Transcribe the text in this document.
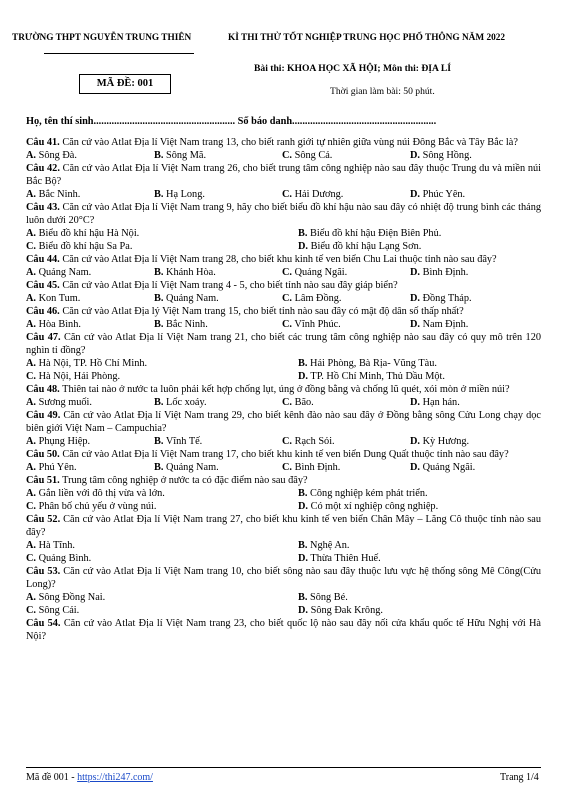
TRƯỜNG THPT NGUYỄN TRUNG THIÊN	KÌ THI THỬ TỐT NGHIỆP TRUNG HỌC PHỔ THÔNG NĂM 2022
MÃ ĐỀ: 001
Bài thi: KHOA HỌC XÃ HỘI; Môn thi: ĐỊA LÍ
Thời gian làm bài: 50 phút.
Họ, tên thí sinh....................................................... Số báo danh........................................................

Câu 41. Căn cứ vào Atlat Địa lí Việt Nam trang 13, cho biết ranh giới tự nhiên giữa vùng núi Đông Bắc và Tây Bắc là?

A. Sông Đà.	B. Sông Mã.	C. Sông Cả.	D. Sông Hồng.

Câu 42. Căn cứ vào Atlat Địa lí Việt Nam trang 26, cho biết trung tâm công nghiệp nào sau đây thuộc Trung du và miền núi Bắc Bộ?

A. Bắc Ninh.	B. Hạ Long.	C. Hải Dương.	D. Phúc Yên.

Câu 43. Căn cứ vào Atlat Địa lí Việt Nam trang 9, hãy cho biết biểu đồ khí hậu nào sau đây có nhiệt độ trung bình các tháng luôn dưới 20°C?

A. Biểu đồ khí hậu Hà Nội.	B. Biểu đồ khí hậu Điện Biên Phủ.
C. Biểu đồ khí hậu Sa Pa.	D. Biểu đồ khí hậu Lạng Sơn.

Câu 44. Căn cứ vào Atlat Địa lí Việt Nam trang 28, cho biết khu kinh tế ven biển Chu Lai thuộc tỉnh nào sau đây?

A. Quảng Nam.	B. Khánh Hòa.	C. Quảng Ngãi.	D. Bình Định.

Câu 45. Căn cứ vào Atlat Địa lí Việt Nam trang 4 - 5, cho biết tỉnh nào sau đây giáp biển?

A. Kon Tum.	B. Quảng Nam.	C. Lâm Đồng.	D. Đồng Tháp.

Câu 46. Căn cứ vào Atlat Địa lý Việt Nam trang 15, cho biết tỉnh nào sau đây có mật độ dân số thấp nhất?

A. Hòa Bình.	B. Bắc Ninh.	C. Vĩnh Phúc.	D. Nam Định.

Câu 47. Căn cứ vào Atlat Địa lí Việt Nam trang 21, cho biết các trung tâm công nghiệp nào sau đây có quy mô trên 120 nghìn tỉ đồng?

A. Hà Nội, TP. Hồ Chí Minh.	B. Hải Phòng, Bà Rịa- Vũng Tàu.
C. Hà Nội, Hải Phòng.	D. TP. Hồ Chí Minh, Thủ Dầu Một.

Câu 48. Thiên tai nào ở nước ta luôn phải kết hợp chống lụt, úng ở đồng bằng và chống lũ quét, xói mòn ở miền núi?

A. Sương muối.	B. Lốc xoáy.	C. Bão.	D. Hạn hán.

Câu 49. Căn cứ vào Atlat Địa lí Việt Nam trang 29, cho biết kênh đào nào sau đây ở Đồng bằng sông Cửu Long chạy dọc biên giới Việt Nam – Campuchia?

A. Phụng Hiệp.	B. Vĩnh Tế.	C. Rạch Sỏi.	D. Kỳ Hương.

Câu 50. Căn cứ vào Atlat Địa lí Việt Nam trang 17, cho biết khu kinh tế ven biển Dung Quất thuộc tỉnh nào sau đây?

A. Phú Yên.	B. Quảng Nam.	C. Bình Định.	D. Quảng Ngãi.

Câu 51. Trung tâm công nghiệp ở nước ta có đặc điểm nào sau đây?

A. Gắn liền với đô thị vừa và lớn.	B. Công nghiệp kém phát triển.
C. Phân bố chủ yếu ở vùng núi.	D. Có một xí nghiệp công nghiệp.

Câu 52. Căn cứ vào Atlat Địa lí Việt Nam trang 27, cho biết khu kinh tế ven biển Chân Mây – Lăng Cô thuộc tỉnh nào sau đây?

A. Hà Tĩnh.	B. Nghệ An.
C. Quảng Bình.	D. Thừa Thiên Huế.

Câu 53. Căn cứ vào Atlat Địa lí Việt Nam trang 10, cho biết sông nào sau đây thuộc lưu vực hệ thống sông Mê Công(Cửu Long)?

A. Sông Đồng Nai.	B. Sông Bé.
C. Sông Cái.	D. Sông Đak Krông.

Câu 54. Căn cứ vào Atlat Địa lí Việt Nam trang 23, cho biết quốc lộ nào sau đây nối cửa khẩu quốc tế Hữu Nghị với Hà Nội?

Mã đề 001 - https://thi247.com/	Trang 1/4
